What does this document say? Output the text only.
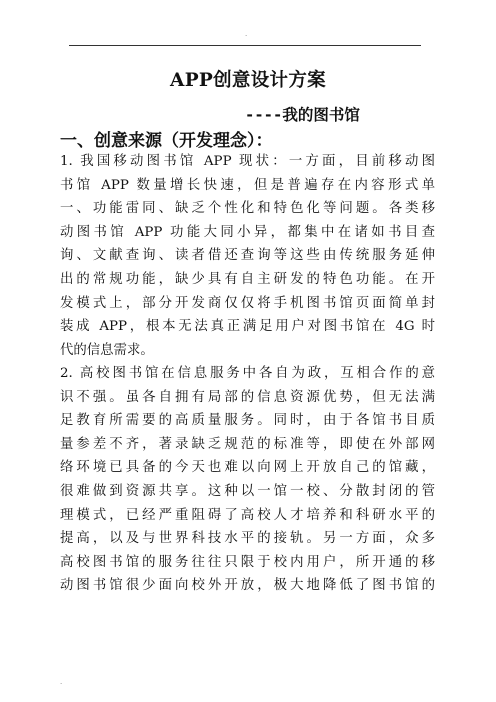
.
APP创意设计方案
----我的图书馆
一、创意来源（开发理念）：
1. 我国移动图书馆 APP 现状：一方面，目前移动图
书馆 APP 数量增长快速，但是普遍存在内容形式单
一、功能雷同、缺乏个性化和特色化等问题。各类移
动图书馆 APP 功能大同小异，都集中在诸如书目查
询、文献查询、读者借还查询等这些由传统服务延伸
出的常规功能，缺少具有自主研发的特色功能。在开
发模式上，部分开发商仅仅将手机图书馆页面简单封
装成 APP，根本无法真正满足用户对图书馆在 4G 时
代的信息需求。
2. 高校图书馆在信息服务中各自为政，互相合作的意
识不强。虽各自拥有局部的信息资源优势，但无法满
足教育所需要的高质量服务。同时，由于各馆书目质
量参差不齐，著录缺乏规范的标准等，即使在外部网
络环境已具备的今天也难以向网上开放自己的馆藏，
很难做到资源共享。这种以一馆一校、分散封闭的管
理模式，已经严重阻碍了高校人才培养和科研水平的
提高，以及与世界科技水平的接轨。另一方面，众多
高校图书馆的服务往往只限于校内用户，所开通的移
动图书馆很少面向校外开放，极大地降低了图书馆的
.
